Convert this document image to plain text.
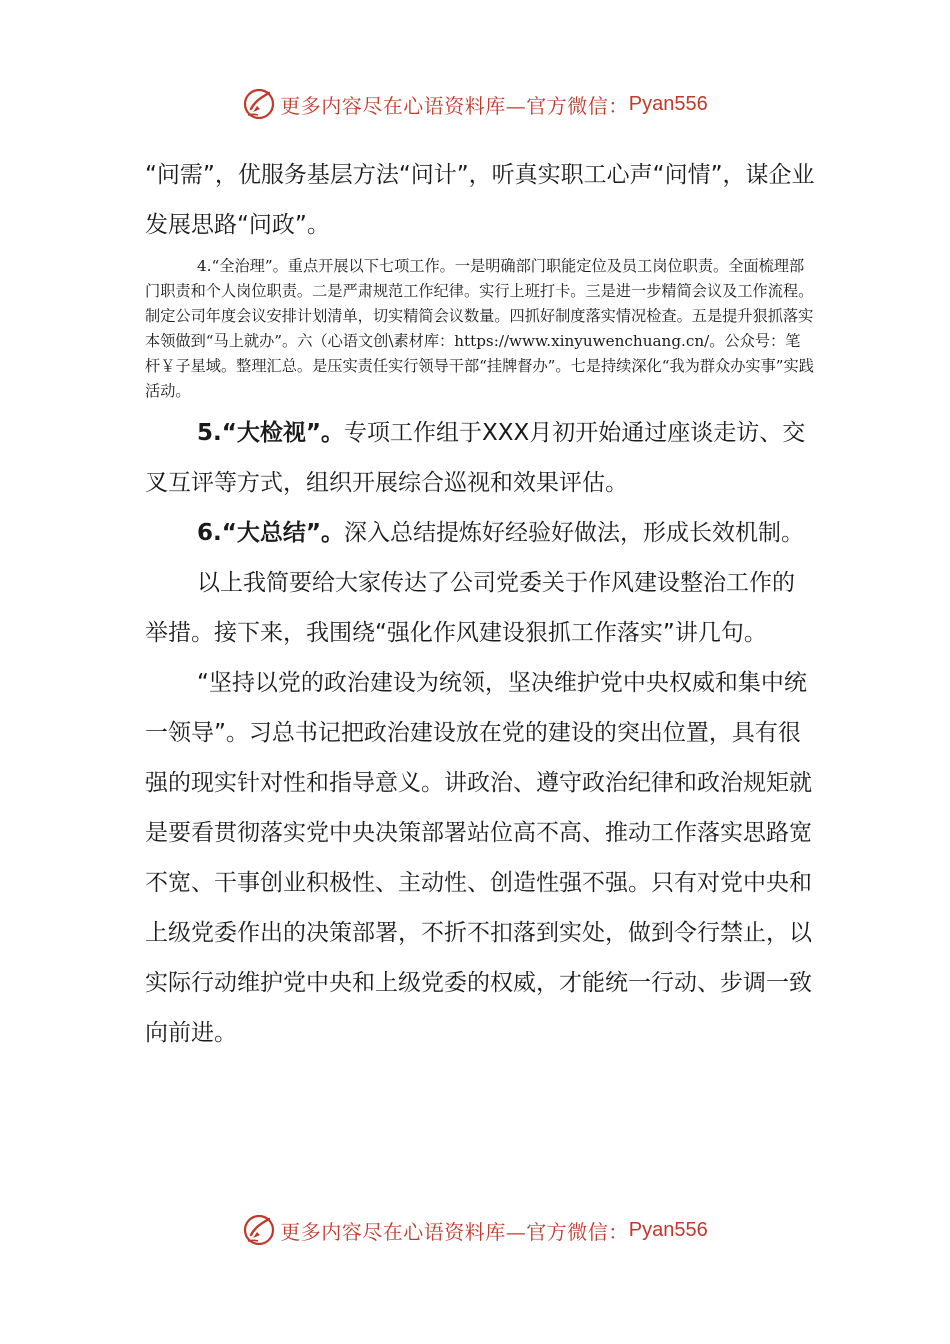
更多内容尽在心语资料库—官方微信： Pyan556

“问需”，优服务基层方法“问计”，听真实职工心声“问情”，谋企业发展思路“问政”。

4.“全治理”。重点开展以下七项工作。一是明确部门职能定位及员工岗位职责。全面梳理部门职责和个人岗位职责。二是严肃规范工作纪律。实行上班打卡。三是进一步精简会议及工作流程。制定公司年度会议安排计划清单，切实精简会议数量。四抓好制度落实情况检查。五是提升狠抓落实本领做到“马上就办”。六（心语文创\素材库：https://www.xinyuwenchuang.cn/。公众号：笔杆￥子星域。整理汇总。是压实责任实行领导干部“挂牌督办”。七是持续深化“我为群众办实事”实践活动。

5.“大检视”。专项工作组于XXX月初开始通过座谈走访、交叉互评等方式，组织开展综合巡视和效果评估。

6.“大总结”。深入总结提炼好经验好做法，形成长效机制。

以上我简要给大家传达了公司党委关于作风建设整治工作的举措。接下来，我围绕“强化作风建设狠抓工作落实”讲几句。

“坚持以党的政治建设为统领，坚决维护党中央权威和集中统一领导”。习总书记把政治建设放在党的建设的突出位置，具有很强的现实针对性和指导意义。讲政治、遵守政治纪律和政治规矩就是要看贯彻落实党中央决策部署站位高不高、推动工作落实思路宽不宽、干事创业积极性、主动性、创造性强不强。只有对党中央和上级党委作出的决策部署，不折不扣落到实处，做到令行禁止，以实际行动维护党中央和上级党委的权威，才能统一行动、步调一致向前进。

更多内容尽在心语资料库—官方微信： Pyan556
